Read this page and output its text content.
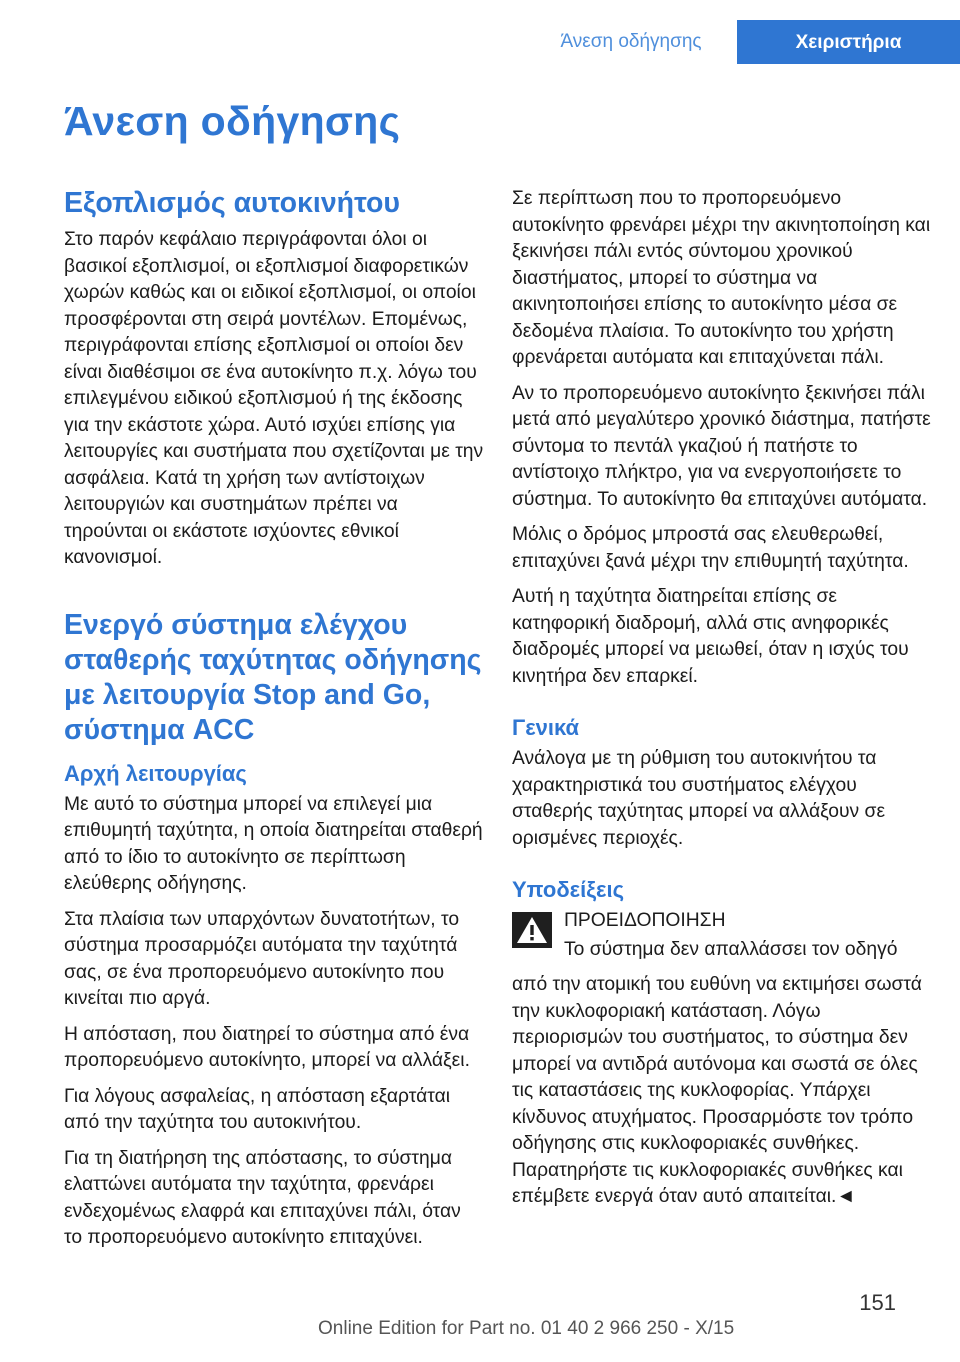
Άνεση οδήγησης	Χειριστήρια
Άνεση οδήγησης
Εξοπλισμός αυτοκινήτου

Στο παρόν κεφάλαιο περιγράφονται όλοι οι βασικοί εξοπλισμοί, οι εξοπλισμοί διαφορετικών χωρών καθώς και οι ειδικοί εξοπλισμοί, οι οποίοι προσφέρονται στη σειρά μοντέλων. Επομένως, περιγράφονται επίσης εξοπλισμοί οι οποίοι δεν είναι διαθέσιμοι σε ένα αυτοκίνητο π.χ. λόγω του επιλεγμένου ειδικού εξοπλισμού ή της έκδοσης για την εκάστοτε χώρα. Αυτό ισχύει επίσης για λειτουργίες και συστήματα που σχετίζονται με την ασφάλεια. Κατά τη χρήση των αντίστοιχων λειτουργιών και συστημάτων πρέπει να τηρούνται οι εκάστοτε ισχύοντες εθνικοί κανονισμοί.

Ενεργό σύστημα ελέγχου σταθερής ταχύτητας οδήγησης με λειτουργία Stop and Go, σύστημα ACC
Αρχή λειτουργίας

Με αυτό το σύστημα μπορεί να επιλεγεί μια επιθυμητή ταχύτητα, η οποία διατηρείται σταθερή από το ίδιο το αυτοκίνητο σε περίπτωση ελεύθερης οδήγησης.

Στα πλαίσια των υπαρχόντων δυνατοτήτων, το σύστημα προσαρμόζει αυτόματα την ταχύτητά σας, σε ένα προπορευόμενο αυτοκίνητο που κινείται πιο αργά.

Η απόσταση, που διατηρεί το σύστημα από ένα προπορευόμενο αυτοκίνητο, μπορεί να αλλάξει.

Για λόγους ασφαλείας, η απόσταση εξαρτάται από την ταχύτητα του αυτοκινήτου.

Για τη διατήρηση της απόστασης, το σύστημα ελαττώνει αυτόματα την ταχύτητα, φρενάρει ενδεχομένως ελαφρά και επιταχύνει πάλι, όταν το προπορευόμενο αυτοκίνητο επιταχύνει.

Σε περίπτωση που το προπορευόμενο αυτοκίνητο φρενάρει μέχρι την ακινητοποίηση και ξεκινήσει πάλι εντός σύντομου χρονικού διαστήματος, μπορεί το σύστημα να ακινητοποιήσει επίσης το αυτοκίνητο μέσα σε δεδομένα πλαίσια. Το αυτοκίνητο του χρήστη φρενάρεται αυτόματα και επιταχύνεται πάλι.

Αν το προπορευόμενο αυτοκίνητο ξεκινήσει πάλι μετά από μεγαλύτερο χρονικό διάστημα, πατήστε σύντομα το πεντάλ γκαζιού ή πατήστε το αντίστοιχο πλήκτρο, για να ενεργοποιήσετε το σύστημα. Το αυτοκίνητο θα επιταχύνει αυτόματα.

Μόλις ο δρόμος μπροστά σας ελευθερωθεί, επιταχύνει ξανά μέχρι την επιθυμητή ταχύτητα.

Αυτή η ταχύτητα διατηρείται επίσης σε κατηφορική διαδρομή, αλλά στις ανηφορικές διαδρομές μπορεί να μειωθεί, όταν η ισχύς του κινητήρα δεν επαρκεί.

Γενικά

Ανάλογα με τη ρύθμιση του αυτοκινήτου τα χαρακτηριστικά του συστήματος ελέγχου σταθερής ταχύτητας μπορεί να αλλάξουν σε ορισμένες περιοχές.

Υποδείξεις

ΠΡΟΕΙΔΟΠΟΙΗΣΗ

Το σύστημα δεν απαλλάσσει τον οδηγό

από την ατομική του ευθύνη να εκτιμήσει σωστά την κυκλοφοριακή κατάσταση. Λόγω περιορισμών του συστήματος, το σύστημα δεν μπορεί να αντιδρά αυτόνομα και σωστά σε όλες τις καταστάσεις της κυκλοφορίας. Υπάρχει κίνδυνος ατυχήματος. Προσαρμόστε τον τρόπο οδήγησης στις κυκλοφοριακές συνθήκες. Παρατηρήστε τις κυκλοφοριακές συνθήκες και επέμβετε ενεργά όταν αυτό απαιτείται.◄

Online Edition for Part no. 01 40 2 966 250 - X/15
151
